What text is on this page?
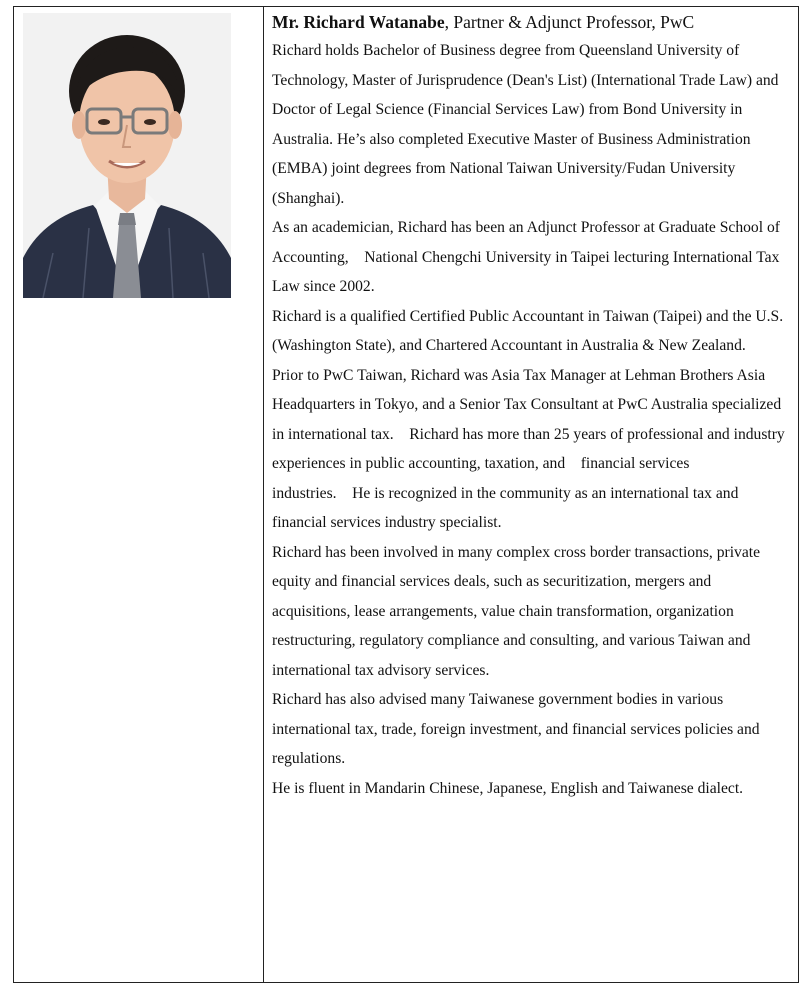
Mr. Richard Watanabe, Partner & Adjunct Professor, PwC

Richard holds Bachelor of Business degree from Queensland University of Technology, Master of Jurisprudence (Dean's List) (International Trade Law) and Doctor of Legal Science (Financial Services Law) from Bond University in Australia. He’s also completed Executive Master of Business Administration (EMBA) joint degrees from National Taiwan University/Fudan University (Shanghai).

As an academician, Richard has been an Adjunct Professor at Graduate School of Accounting,    National Chengchi University in Taipei lecturing International Tax Law since 2002.

Richard is a qualified Certified Public Accountant in Taiwan (Taipei) and the U.S. (Washington State), and Chartered Accountant in Australia & New Zealand.

Prior to PwC Taiwan, Richard was Asia Tax Manager at Lehman Brothers Asia Headquarters in Tokyo, and a Senior Tax Consultant at PwC Australia specialized in international tax.    Richard has more than 25 years of professional and industry experiences in public accounting, taxation, and    financial services industries.    He is recognized in the community as an international tax and financial services industry specialist.

Richard has been involved in many complex cross border transactions, private equity and financial services deals, such as securitization, mergers and acquisitions, lease arrangements, value chain transformation, organization restructuring, regulatory compliance and consulting, and various Taiwan and international tax advisory services.

Richard has also advised many Taiwanese government bodies in various international tax, trade, foreign investment, and financial services policies and regulations.

He is fluent in Mandarin Chinese, Japanese, English and Taiwanese dialect.
